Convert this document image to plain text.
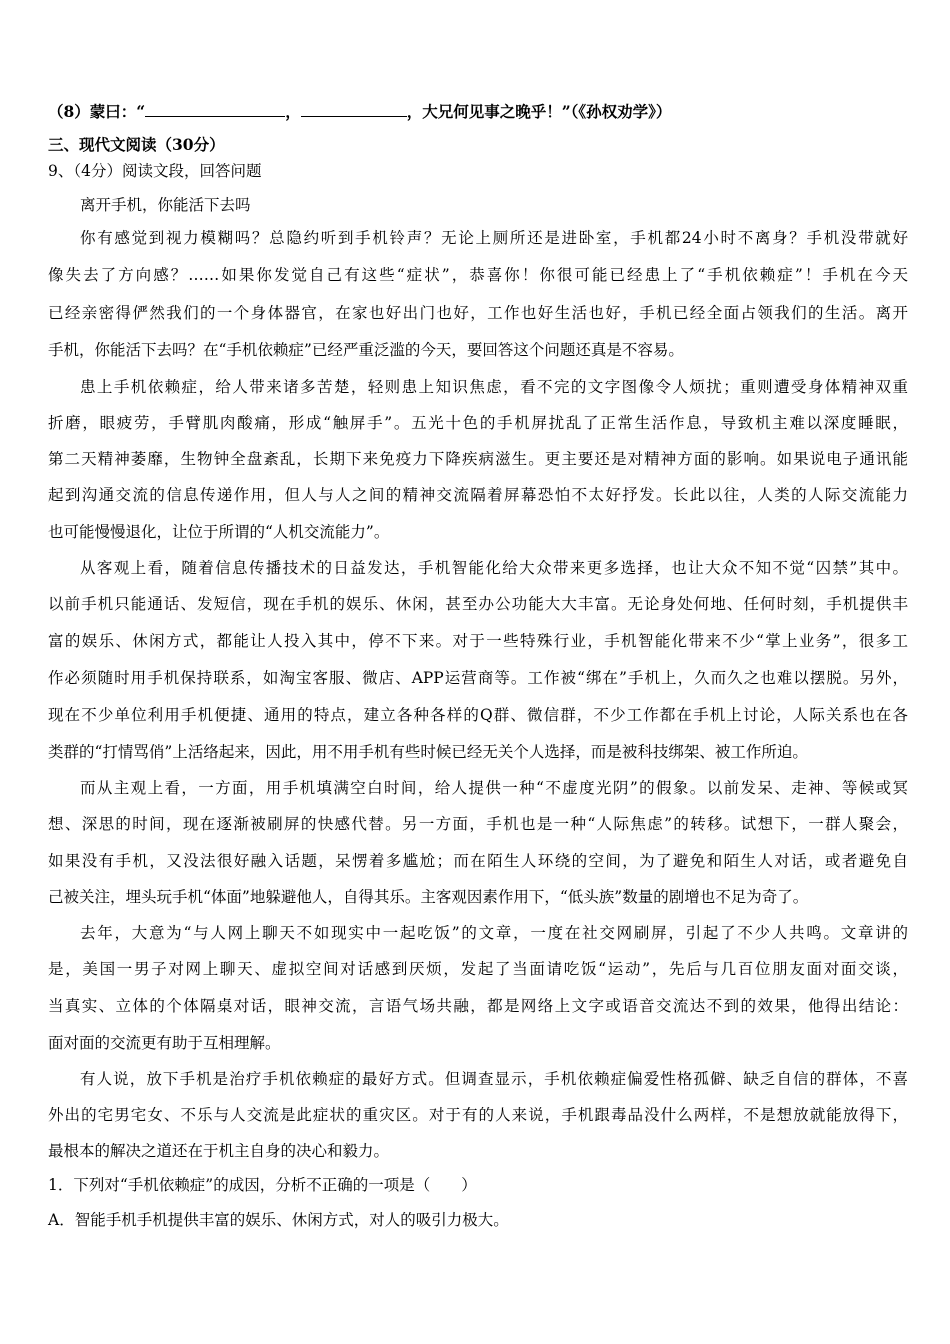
（8）蒙曰：“	，	，大兄何见事之晚乎！”（《孙权劝学》）
三、现代文阅读（30分）
9、（4分）阅读文段，回答问题
离开手机，你能活下去吗
你有感觉到视力模糊吗？总隐约听到手机铃声？无论上厕所还是进卧室，手机都24小时不离身？手机没带就好
像失去了方向感？……如果你发觉自己有这些“症状”，恭喜你！你很可能已经患上了“手机依赖症”！手机在今天
已经亲密得俨然我们的一个身体器官，在家也好出门也好，工作也好生活也好，手机已经全面占领我们的生活。离开
手机，你能活下去吗？在“手机依赖症”已经严重泛滥的今天，要回答这个问题还真是不容易。
患上手机依赖症，给人带来诸多苦楚，轻则患上知识焦虑，看不完的文字图像令人烦扰；重则遭受身体精神双重
折磨，眼疲劳，手臂肌肉酸痛，形成“触屏手”。五光十色的手机屏扰乱了正常生活作息，导致机主难以深度睡眠，
第二天精神萎靡，生物钟全盘紊乱，长期下来免疫力下降疾病滋生。更主要还是对精神方面的影响。如果说电子通讯能
起到沟通交流的信息传递作用，但人与人之间的精神交流隔着屏幕恐怕不太好抒发。长此以往，人类的人际交流能力
也可能慢慢退化，让位于所谓的“人机交流能力”。
从客观上看，随着信息传播技术的日益发达，手机智能化给大众带来更多选择，也让大众不知不觉“囚禁”其中。
以前手机只能通话、发短信，现在手机的娱乐、休闲，甚至办公功能大大丰富。无论身处何地、任何时刻，手机提供丰
富的娱乐、休闲方式，都能让人投入其中，停不下来。对于一些特殊行业，手机智能化带来不少“掌上业务”，很多工
作必须随时用手机保持联系，如淘宝客服、微店、APP运营商等。工作被“绑在”手机上，久而久之也难以摆脱。另外，
现在不少单位利用手机便捷、通用的特点，建立各种各样的Q群、微信群，不少工作都在手机上讨论，人际关系也在各
类群的“打情骂俏”上活络起来，因此，用不用手机有些时候已经无关个人选择，而是被科技绑架、被工作所迫。
而从主观上看，一方面，用手机填满空白时间，给人提供一种“不虚度光阴”的假象。以前发呆、走神、等候或冥
想、深思的时间，现在逐渐被刷屏的快感代替。另一方面，手机也是一种“人际焦虑”的转移。试想下，一群人聚会，
如果没有手机，又没法很好融入话题，呆愣着多尴尬；而在陌生人环绕的空间，为了避免和陌生人对话，或者避免自
己被关注，埋头玩手机“体面”地躲避他人，自得其乐。主客观因素作用下，“低头族”数量的剧增也不足为奇了。
去年，大意为“与人网上聊天不如现实中一起吃饭”的文章，一度在社交网刷屏，引起了不少人共鸣。文章讲的
是，美国一男子对网上聊天、虚拟空间对话感到厌烦，发起了当面请吃饭“运动”，先后与几百位朋友面对面交谈，
当真实、立体的个体隔桌对话，眼神交流，言语气场共融，都是网络上文字或语音交流达不到的效果，他得出结论：
面对面的交流更有助于互相理解。
有人说，放下手机是治疗手机依赖症的最好方式。但调查显示，手机依赖症偏爱性格孤僻、缺乏自信的群体，不喜
外出的宅男宅女、不乐与人交流是此症状的重灾区。对于有的人来说，手机跟毒品没什么两样，不是想放就能放得下，
最根本的解决之道还在于机主自身的决心和毅力。
1．下列对“手机依赖症”的成因，分析不正确的一项是（　　）
A．智能手机手机提供丰富的娱乐、休闲方式，对人的吸引力极大。
